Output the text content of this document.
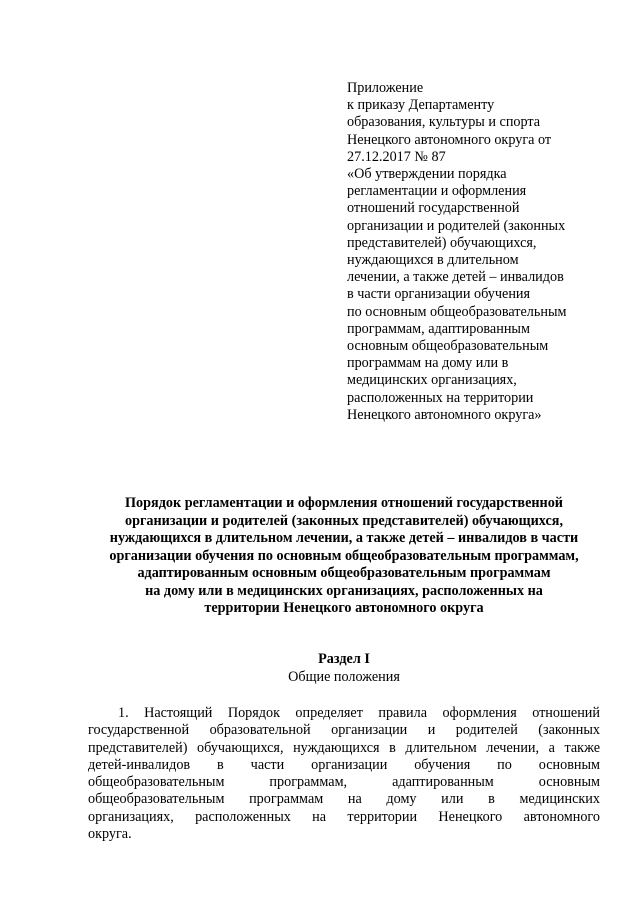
Приложение
к приказу Департаменту
образования, культуры и спорта
Ненецкого автономного округа от
27.12.2017 № 87
«Об утверждении порядка
регламентации и оформления
отношений государственной
организации и родителей (законных
представителей) обучающихся,
нуждающихся в длительном
лечении, а также детей – инвалидов
в части организации обучения
по основным общеобразовательным
программам, адаптированным
основным общеобразовательным
программам на дому или в
медицинских организациях,
расположенных на территории
Ненецкого автономного округа»
Порядок регламентации и оформления отношений государственной
организации и родителей (законных представителей) обучающихся,
нуждающихся в длительном лечении, а также детей – инвалидов в части
организации обучения по основным общеобразовательным программам,
адаптированным основным общеобразовательным программам
на дому или в медицинских организациях, расположенных на
территории Ненецкого автономного округа
Раздел I
Общие положения
1. Настоящий Порядок определяет правила оформления отношений
государственной образовательной организации и родителей (законных
представителей) обучающихся, нуждающихся в длительном лечении, а также
детей-инвалидов в части организации обучения по основным
общеобразовательным программам, адаптированным основным
общеобразовательным программам на дому или в медицинских
организациях, расположенных на территории Ненецкого автономного
округа.
